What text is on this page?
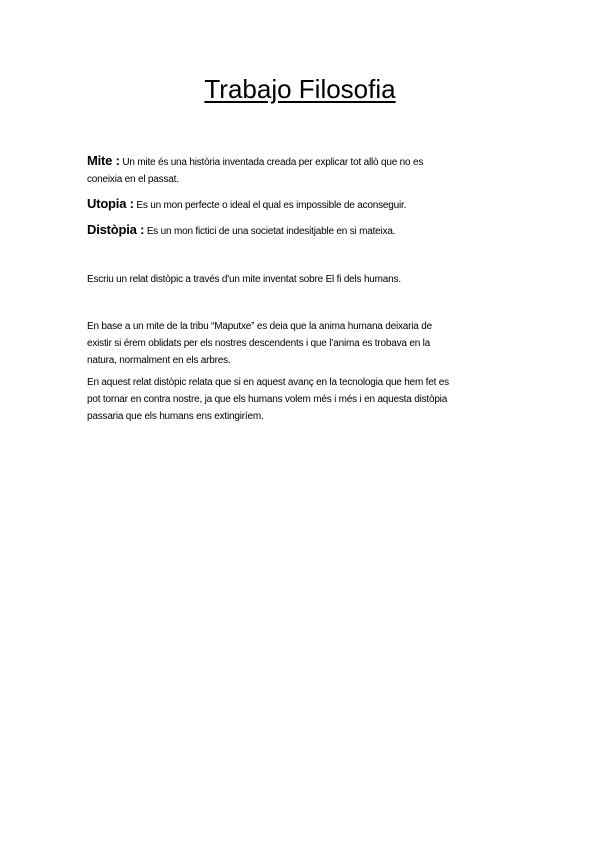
Trabajo Filosofia
Mite : Un mite és una història inventada creada per explicar tot allò que no es
coneixia en el passat.
Utopia : Es un mon perfecte o ideal el qual es impossible de aconseguir.
Distòpia : Es un mon fictici de una societat indesitjable en si mateixa.
Escriu un relat distòpic a través d'un mite inventat sobre El fi dels humans.
En base a un mite de la tribu “Maputxe” es deia que la anima humana deixaria de
existir si érem oblidats per els nostres descendents i que l’anima es trobava en la
natura, normalment en els arbres.
En aquest relat distòpic relata que si en aquest avanç en la tecnologia que hem fet es
pot tornar en contra nostre, ja que els humans volem més i més i en aquesta distòpia
passaria que els humans ens extingiríem.
